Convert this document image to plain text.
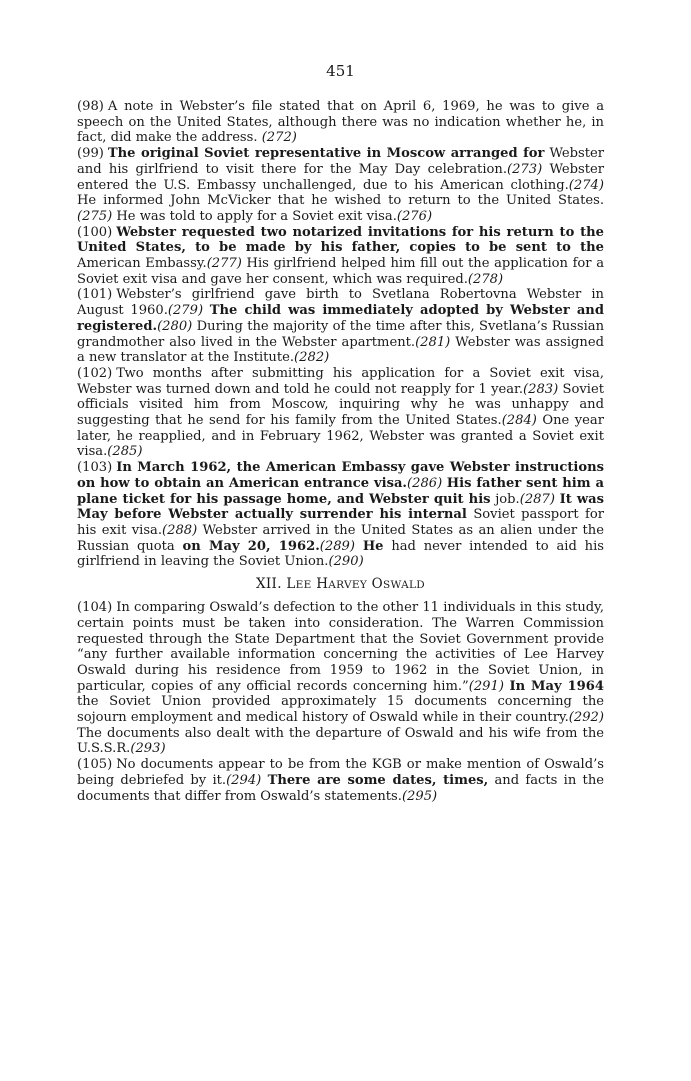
451

(98) A note in Webster’s file stated that on April 6, 1969, he was to give a speech on the United States, although there was no indication whether he, in fact, did make the address. (272)

(99) The original Soviet representative in Moscow arranged for Webster and his girlfriend to visit there for the May Day celebration.(273) Webster entered the U.S. Embassy unchallenged, due to his American clothing.(274) He informed John McVicker that he wished to return to the United States.(275) He was told to apply for a Soviet exit visa.(276)

(100) Webster requested two notarized invitations for his return to the United States, to be made by his father, copies to be sent to the American Embassy.(277) His girlfriend helped him fill out the application for a Soviet exit visa and gave her consent, which was required.(278)

(101) Webster’s girlfriend gave birth to Svetlana Robertovna Webster in August 1960.(279) The child was immediately adopted by Webster and registered.(280) During the majority of the time after this, Svetlana’s Russian grandmother also lived in the Webster apartment.(281) Webster was assigned a new translator at the Institute.(282)

(102) Two months after submitting his application for a Soviet exit visa, Webster was turned down and told he could not reapply for 1 year.(283) Soviet officials visited him from Moscow, inquiring why he was unhappy and suggesting that he send for his family from the United States.(284) One year later, he reapplied, and in February 1962, Webster was granted a Soviet exit visa.(285)

(103) In March 1962, the American Embassy gave Webster instructions on how to obtain an American entrance visa.(286) His father sent him a plane ticket for his passage home, and Webster quit his job.(287) It was May before Webster actually surrender his internal Soviet passport for his exit visa.(288) Webster arrived in the United States as an alien under the Russian quota on May 20, 1962.(289) He had never intended to aid his girlfriend in leaving the Soviet Union.(290)

XII. LEE HARVEY OSWALD

(104) In comparing Oswald’s defection to the other 11 individuals in this study, certain points must be taken into consideration. The Warren Commission requested through the State Department that the Soviet Government provide “any further available information concerning the activities of Lee Harvey Oswald during his residence from 1959 to 1962 in the Soviet Union, in particular, copies of any official records concerning him.”(291) In May 1964 the Soviet Union provided approximately 15 documents concerning the sojourn employment and medical history of Oswald while in their country.(292) The documents also dealt with the departure of Oswald and his wife from the U.S.S.R.(293)

(105) No documents appear to be from the KGB or make mention of Oswald’s being debriefed by it.(294) There are some dates, times, and facts in the documents that differ from Oswald’s statements.(295)
